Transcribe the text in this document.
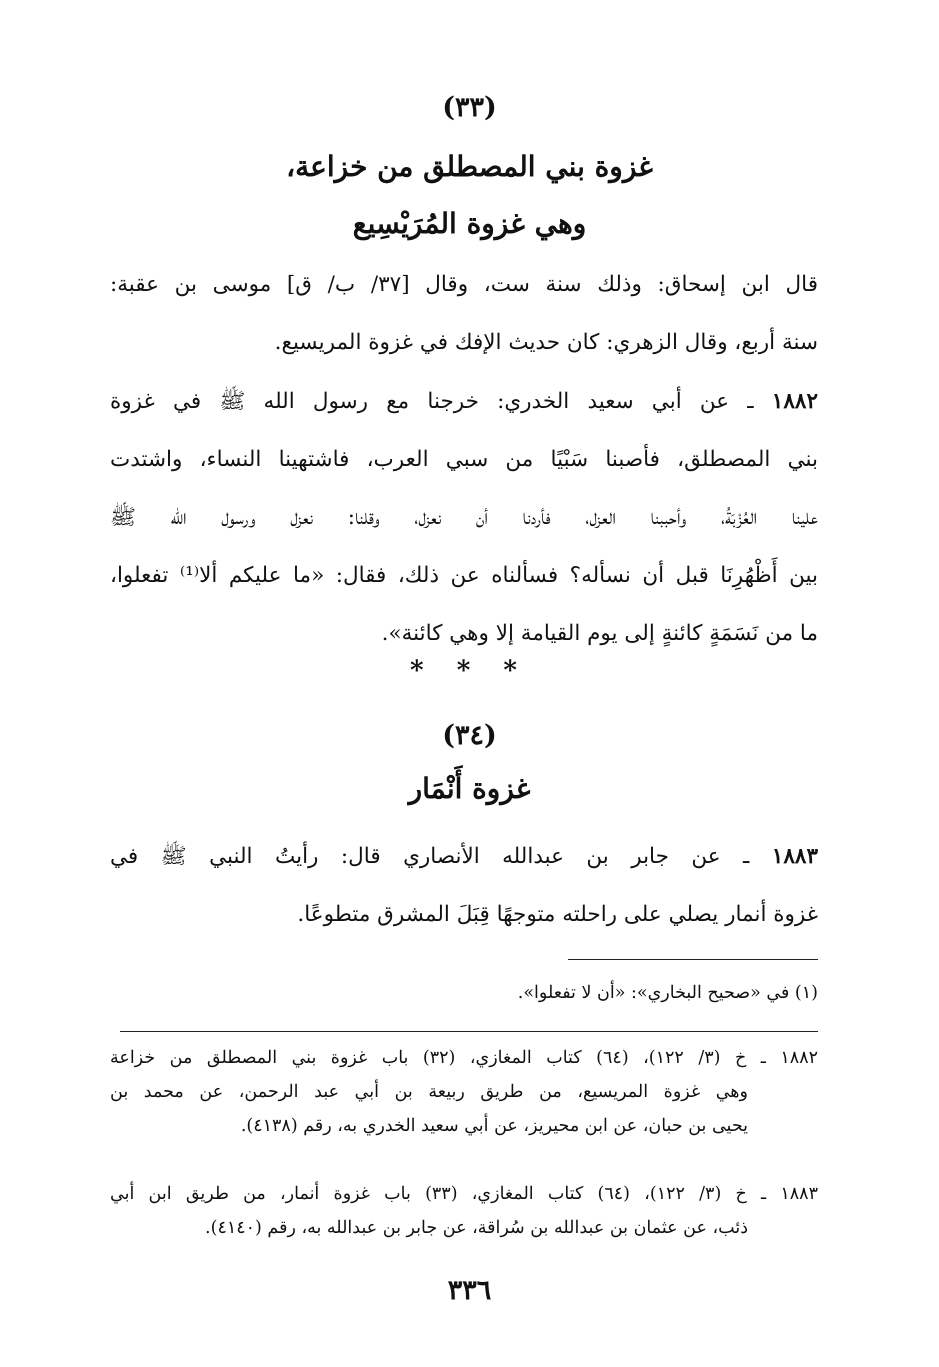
(٣٣)
غزوة بني المصطلق من خزاعة،
وهي غزوة المُرَيْسِيع
قال ابن إسحاق: وذلك سنة ست، وقال [٣٧/ ب/ ق] موسى بن عقبة:
سنة أربع، وقال الزهري: كان حديث الإفك في غزوة المريسيع.
١٨٨٢ ـ عن أبي سعيد الخدري: خرجنا مع رسول الله ﷺ في غزوة
بني المصطلق، فأصبنا سَبْيًا من سبي العرب، فاشتهينا النساء، واشتدت
علينا العُزْبَةُ، وأحببنا العزل، فأردنا أن نعزل، وقلنا: نعزل ورسول الله ﷺ
بين أَظْهُرِنَا قبل أن نسأله؟ فسألناه عن ذلك، فقال: «ما عليكم ألا⁽¹⁾ تفعلوا،
ما من نَسَمَةٍ كائنةٍ إلى يوم القيامة إلا وهي كائنة».
* * *
(٣٤)
غزوة أَنْمَار
١٨٨٣ ـ عن جابر بن عبدالله الأنصاري قال: رأيتُ النبي ﷺ في
غزوة أنمار يصلي على راحلته متوجهًا قِبَلَ المشرق متطوعًا.
(١) في «صحيح البخاري»: «أن لا تفعلوا».
١٨٨٢ ـ خ (٣/ ١٢٢)، (٦٤) كتاب المغازي، (٣٢) باب غزوة بني المصطلق من خزاعة
وهي غزوة المريسيع، من طريق ربيعة بن أبي عبد الرحمن، عن محمد بن
يحيى بن حبان، عن ابن محيريز، عن أبي سعيد الخدري به، رقم (٤١٣٨).
١٨٨٣ ـ خ (٣/ ١٢٢)، (٦٤) كتاب المغازي، (٣٣) باب غزوة أنمار، من طريق ابن أبي
ذئب، عن عثمان بن عبدالله بن سُراقة، عن جابر بن عبدالله به، رقم (٤١٤٠).
٣٣٦
